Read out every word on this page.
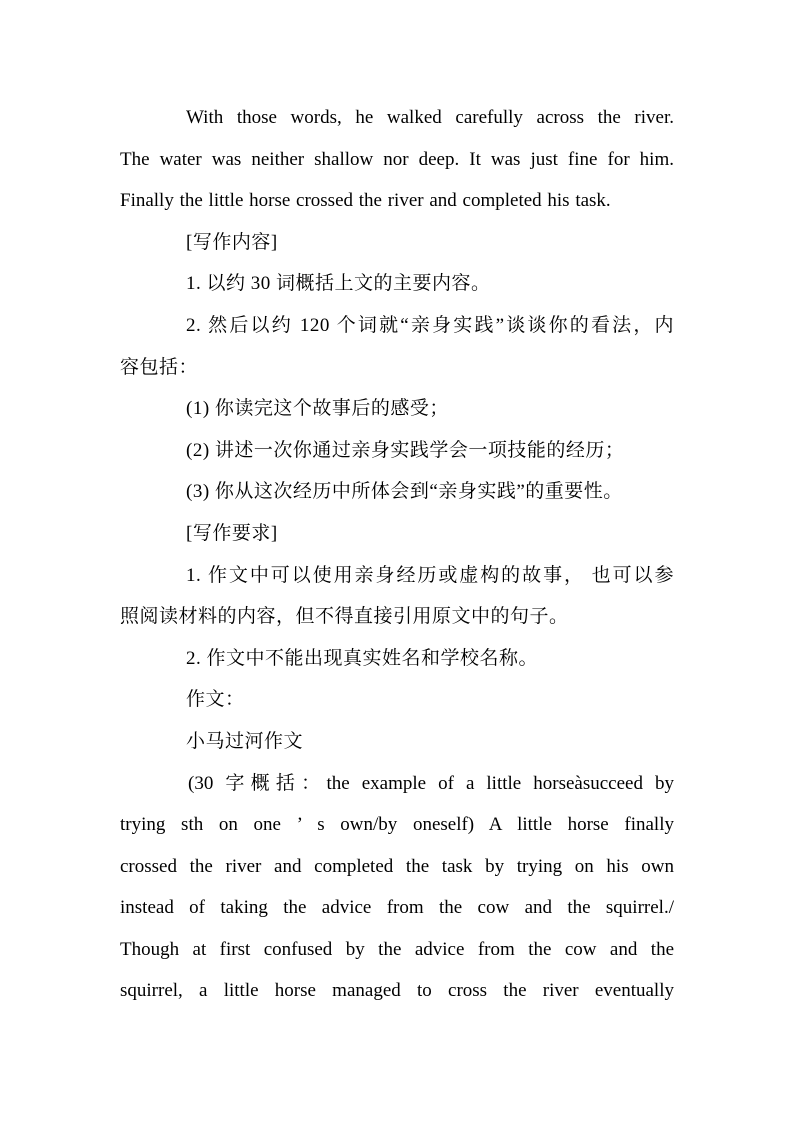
With those words, he walked carefully across the river.
The water was neither shallow nor deep. It was just fine for him.
Finally the little horse crossed the river and completed his task.
[写作内容]
1. 以约 30 词概括上文的主要内容。
2. 然后以约 120 个词就“亲身实践”谈谈你的看法，内
容包括：
(1) 你读完这个故事后的感受；
(2) 讲述一次你通过亲身实践学会一项技能的经历；
(3) 你从这次经历中所体会到“亲身实践”的重要性。
[写作要求]
1. 作文中可以使用亲身经历或虚构的故事， 也可以参
照阅读材料的内容，但不得直接引用原文中的句子。
2. 作文中不能出现真实姓名和学校名称。
作文：
小马过河作文
(30 字概括：the example of a little horseàsucceed by
trying sth on one ’ s own/by oneself) A little horse finally
crossed the river and completed the task by trying on his own
instead of taking the advice from the cow and the squirrel./
Though at first confused by the advice from the cow and the
squirrel, a little horse managed to cross the river eventually
